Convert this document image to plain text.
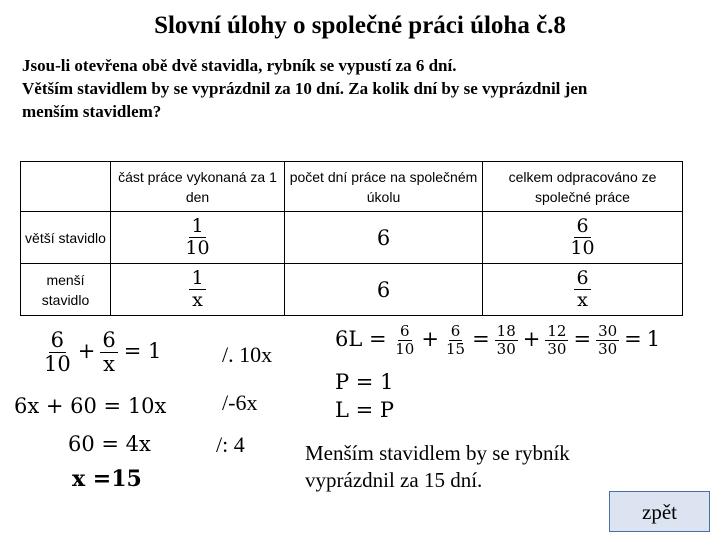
Slovní úlohy o společné práci úloha č.8
Jsou-li otevřena obě dvě stavidla, rybník se vypustí za 6 dní.
Větším stavidlem by se vyprázdnil za 10 dní. Za kolik dní by se vyprázdnil jen
menším stavidlem?
	část práce vykonaná za 1 den	počet dní práce na společném úkolu	celkem odpracováno ze společné práce
větší stavidlo	$\frac{1}{10}$	6	$\frac{6}{10}$

menší stavidlo	$\frac{1}{x}$	6	$\frac{6}{x}$
$\frac{6}{10} + \frac{6}{x} = 1$
6x + 60 = 10x
60 = 4x
x =15
/. 10x
/-6x
/: 4
$6L = \frac{6}{10} + \frac{6}{15} = \frac{18}{30} + \frac{12}{30} = \frac{30}{30} = 1$
P = 1
L = P
Menším stavidlem by se rybník vyprázdnil za 15 dní.
zpět
